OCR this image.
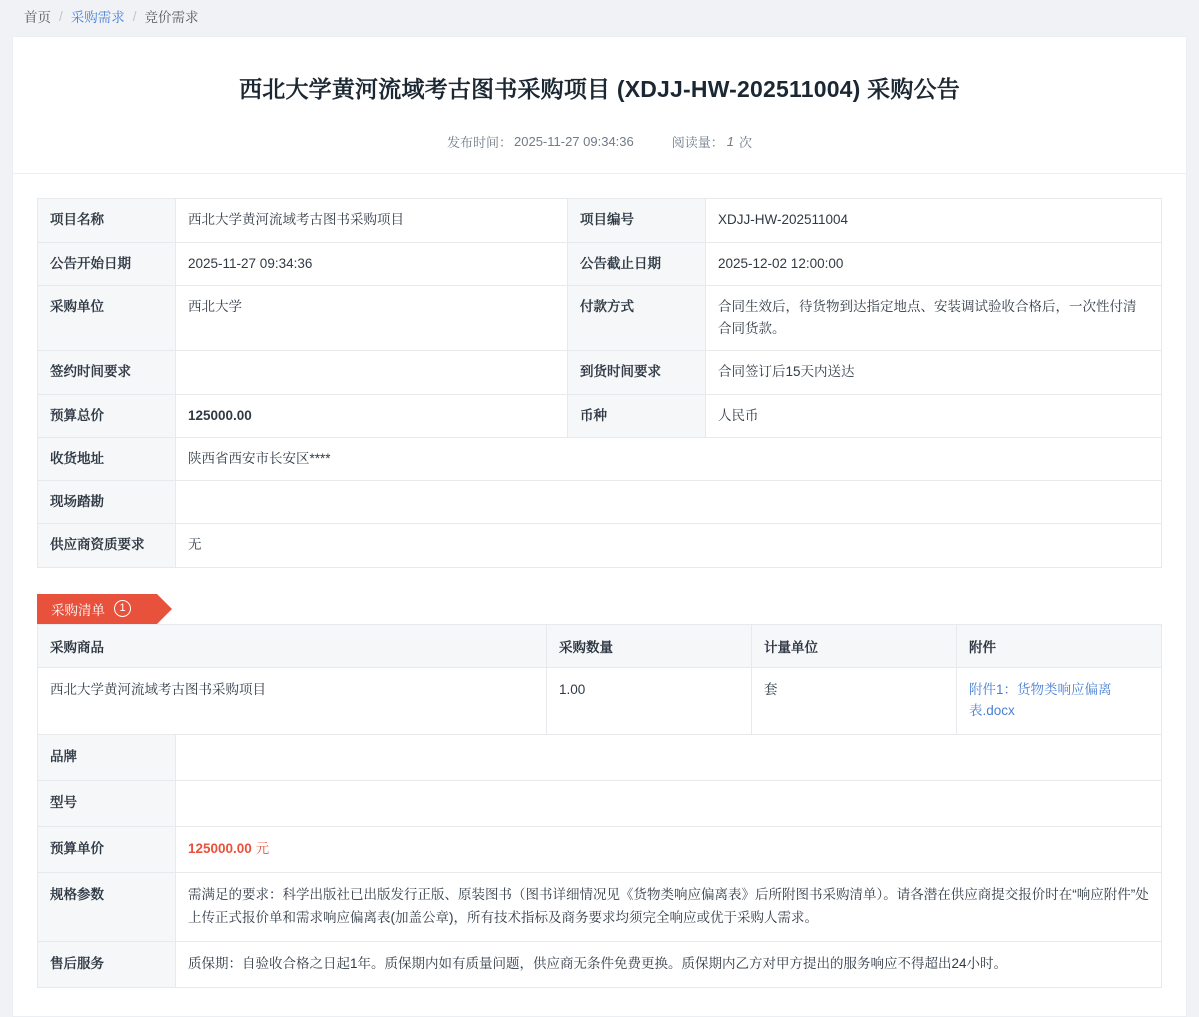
首页 / 采购需求 / 竞价需求
西北大学黄河流域考古图书采购项目 (XDJJ-HW-202511004) 采购公告
发布时间： 2025-11-27 09:34:36	阅读量： 1 次
项目名称	西北大学黄河流域考古图书采购项目	项目编号	XDJJ-HW-202511004
公告开始日期	2025-11-27 09:34:36	公告截止日期	2025-12-02 12:00:00
采购单位	西北大学	付款方式	合同生效后，待货物到达指定地点、安装调试验收合格后，一次性付清合同货款。
签约时间要求		到货时间要求	合同签订后15天内送达
预算总价	125000.00	币种	人民币
收货地址	陕西省西安市长安区****		
现场踏勘			
供应商资质要求	无		
采购清单	1
采购商品		采购数量	计量单位	附件
西北大学黄河流域考古图书采购项目		1.00	套	附件1：货物类响应偏离表.docx
品牌				
型号				
预算单价	125000.00 元			
规格参数	需满足的要求：科学出版社已出版发行正版、原装图书（图书详细情况见《货物类响应偏离表》后所附图书采购清单）。请各潜在供应商提交报价时在“响应附件”处上传正式报价单和需求响应偏离表(加盖公章)，所有技术指标及商务要求均须完全响应或优于采购人需求。			
售后服务	质保期：自验收合格之日起1年。质保期内如有质量问题，供应商无条件免费更换。质保期内乙方对甲方提出的服务响应不得超出24小时。			
